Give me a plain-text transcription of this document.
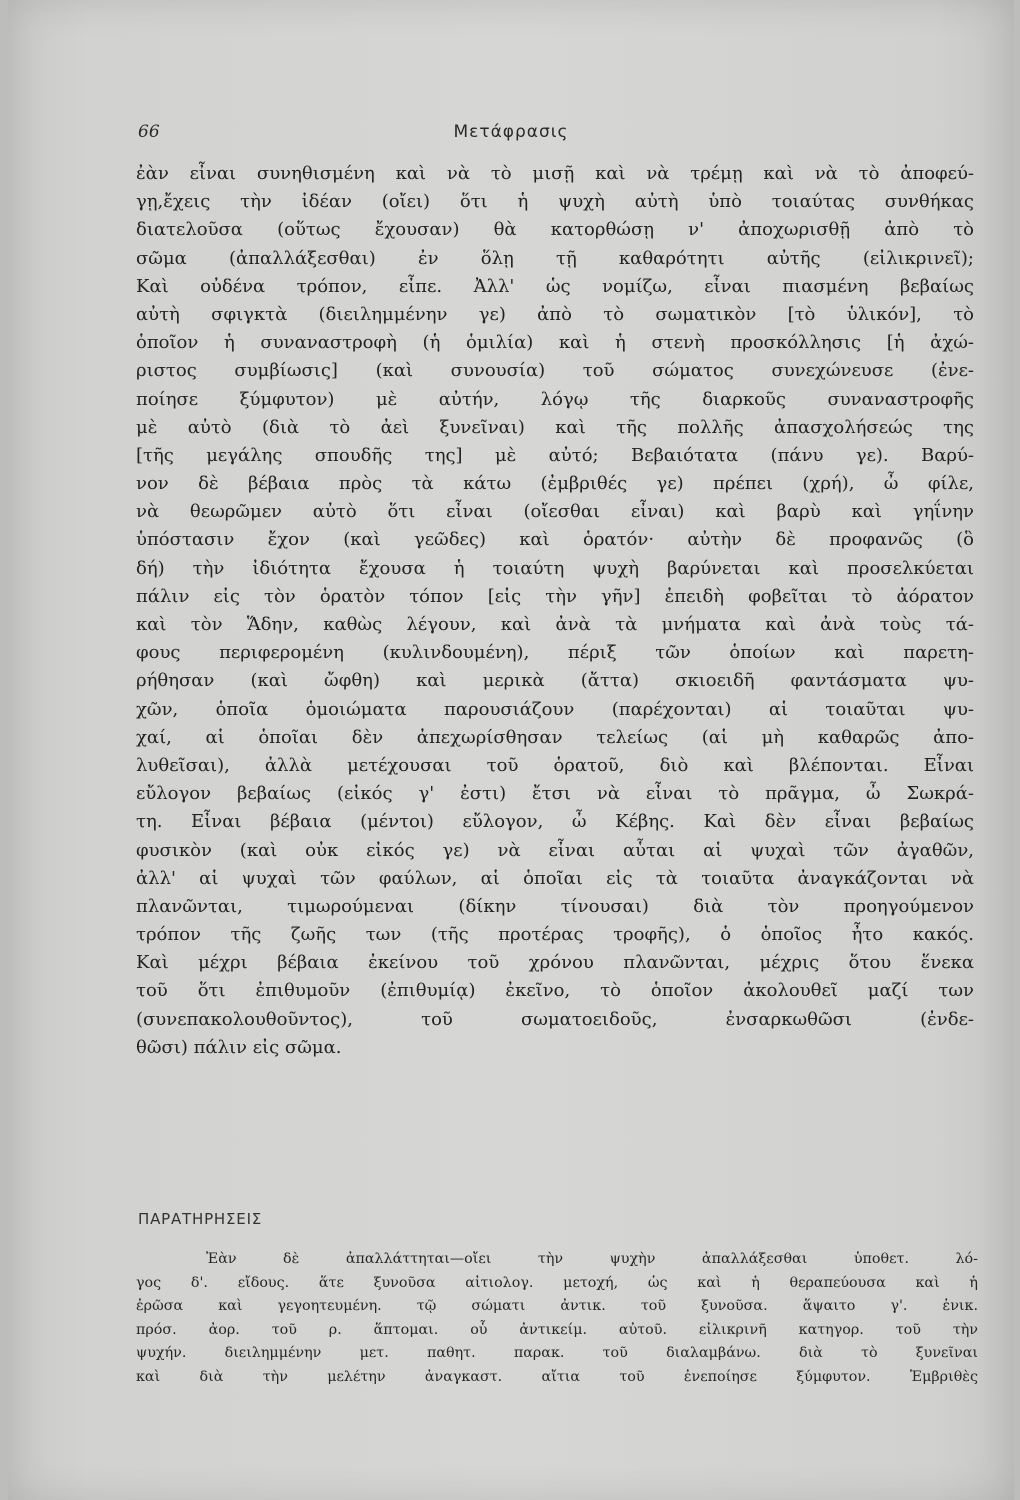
66	Μετάφρασις
ἐὰν εἶναι συνηθισμένη καὶ νὰ τὸ μισῇ καὶ νὰ τρέμῃ καὶ νὰ τὸ ἀποφεύ-
γῃ,ἔχεις τὴν ἰδέαν (οἴει) ὅτι ἡ ψυχὴ αὐτὴ ὑπὸ τοιαύτας συνθήκας
διατελοῦσα (οὕτως ἔχουσαν) θὰ κατορθώσῃ ν' ἀποχωρισθῇ ἀπὸ τὸ
σῶμα (ἀπαλλάξεσθαι) ἐν ὅλῃ τῇ καθαρότητι αὐτῆς (εἰλικρινεῖ);
Καὶ οὐδένα τρόπον, εἶπε. Ἀλλ' ὡς νομίζω, εἶναι πιασμένη βεβαίως
αὐτὴ σφιγκτὰ (διειλημμένην γε) ἀπὸ τὸ σωματικὸν [τὸ ὑλικόν], τὸ
ὁποῖον ἡ συναναστροφὴ (ἡ ὁμιλία) καὶ ἡ στενὴ προσκόλλησις [ἡ ἀχώ-
ριστος συμβίωσις] (καὶ συνουσία) τοῦ σώματος συνεχώνευσε (ἐνε-
ποίησε ξύμφυτον) μὲ αὐτήν, λόγῳ τῆς διαρκοῦς συναναστροφῆς
μὲ αὐτὸ (διὰ τὸ ἀεὶ ξυνεῖναι) καὶ τῆς πολλῆς ἀπασχολήσεώς της
[τῆς μεγάλης σπουδῆς της] μὲ αὐτό; Βεβαιότατα (πάνυ γε). Βαρύ-
νον δὲ βέβαια πρὸς τὰ κάτω (ἐμβριθές γε) πρέπει (χρή), ὦ φίλε,
νὰ θεωρῶμεν αὐτὸ ὅτι εἶναι (οἴεσθαι εἶναι) καὶ βαρὺ καὶ γηΐνην
ὑπόστασιν ἔχον (καὶ γεῶδες) καὶ ὁρατόν· αὐτὴν δὲ προφανῶς (ὃ
δή) τὴν ἰδιότητα ἔχουσα ἡ τοιαύτη ψυχὴ βαρύνεται καὶ προσελκύεται
πάλιν εἰς τὸν ὁρατὸν τόπον [εἰς τὴν γῆν] ἐπειδὴ φοβεῖται τὸ ἀόρατον
καὶ τὸν Ἅδην, καθὼς λέγουν, καὶ ἀνὰ τὰ μνήματα καὶ ἀνὰ τοὺς τά-
φους περιφερομένη (κυλινδουμένη), πέριξ τῶν ὁποίων καὶ παρετη-
ρήθησαν (καὶ ὤφθη) καὶ μερικὰ (ἄττα) σκιοειδῆ φαντάσματα ψυ-
χῶν, ὁποῖα ὁμοιώματα παρουσιάζουν (παρέχονται) αἱ τοιαῦται ψυ-
χαί, αἱ ὁποῖαι δὲν ἀπεχωρίσθησαν τελείως (αἱ μὴ καθαρῶς ἀπο-
λυθεῖσαι), ἀλλὰ μετέχουσαι τοῦ ὁρατοῦ, διὸ καὶ βλέπονται. Εἶναι
εὔλογον βεβαίως (εἰκός γ' ἐστι) ἔτσι νὰ εἶναι τὸ πρᾶγμα, ὦ Σωκρά-
τη. Εἶναι βέβαια (μέντοι) εὔλογον, ὦ Κέβης. Καὶ δὲν εἶναι βεβαίως
φυσικὸν (καὶ οὐκ εἰκός γε) νὰ εἶναι αὗται αἱ ψυχαὶ τῶν ἀγαθῶν,
ἀλλ' αἱ ψυχαὶ τῶν φαύλων, αἱ ὁποῖαι εἰς τὰ τοιαῦτα ἀναγκάζονται νὰ
πλανῶνται, τιμωρούμεναι (δίκην τίνουσαι) διὰ τὸν προηγούμενον
τρόπον τῆς ζωῆς των (τῆς προτέρας τροφῆς), ὁ ὁποῖος ἦτο κακός.
Καὶ μέχρι βέβαια ἐκείνου τοῦ χρόνου πλανῶνται, μέχρις ὅτου ἕνεκα
τοῦ ὅτι ἐπιθυμοῦν (ἐπιθυμίᾳ) ἐκεῖνο, τὸ ὁποῖον ἀκολουθεῖ μαζί των
(συνεπακολουθοῦντος), τοῦ σωματοειδοῦς, ἐνσαρκωθῶσι (ἐνδε-
θῶσι) πάλιν εἰς σῶμα.
ΠΑΡΑΤΗΡΗΣΕΙΣ
Ἐὰν δὲ ἀπαλλάττηται—οἴει τὴν ψυχὴν ἀπαλλάξεσθαι ὑποθετ. λό-
γος δ'. εἴδους. ἅτε ξυνοῦσα αἰτιολογ. μετοχή, ὡς καὶ ἡ θεραπεύουσα καὶ ἡ
ἐρῶσα καὶ γεγοητευμένη. τῷ σώματι ἀντικ. τοῦ ξυνοῦσα. ἅψαιτο γ'. ἑνικ.
πρόσ. ἀορ. τοῦ ρ. ἅπτομαι. οὗ ἀντικείμ. αὐτοῦ. εἰλικρινῆ κατηγορ. τοῦ τὴν
ψυχήν. διειλημμένην μετ. παθητ. παρακ. τοῦ διαλαμβάνω. διὰ τὸ ξυνεῖναι
καὶ διὰ τὴν μελέτην ἀναγκαστ. αἴτια τοῦ ἐνεποίησε ξύμφυτον. Ἐμβριθὲς
